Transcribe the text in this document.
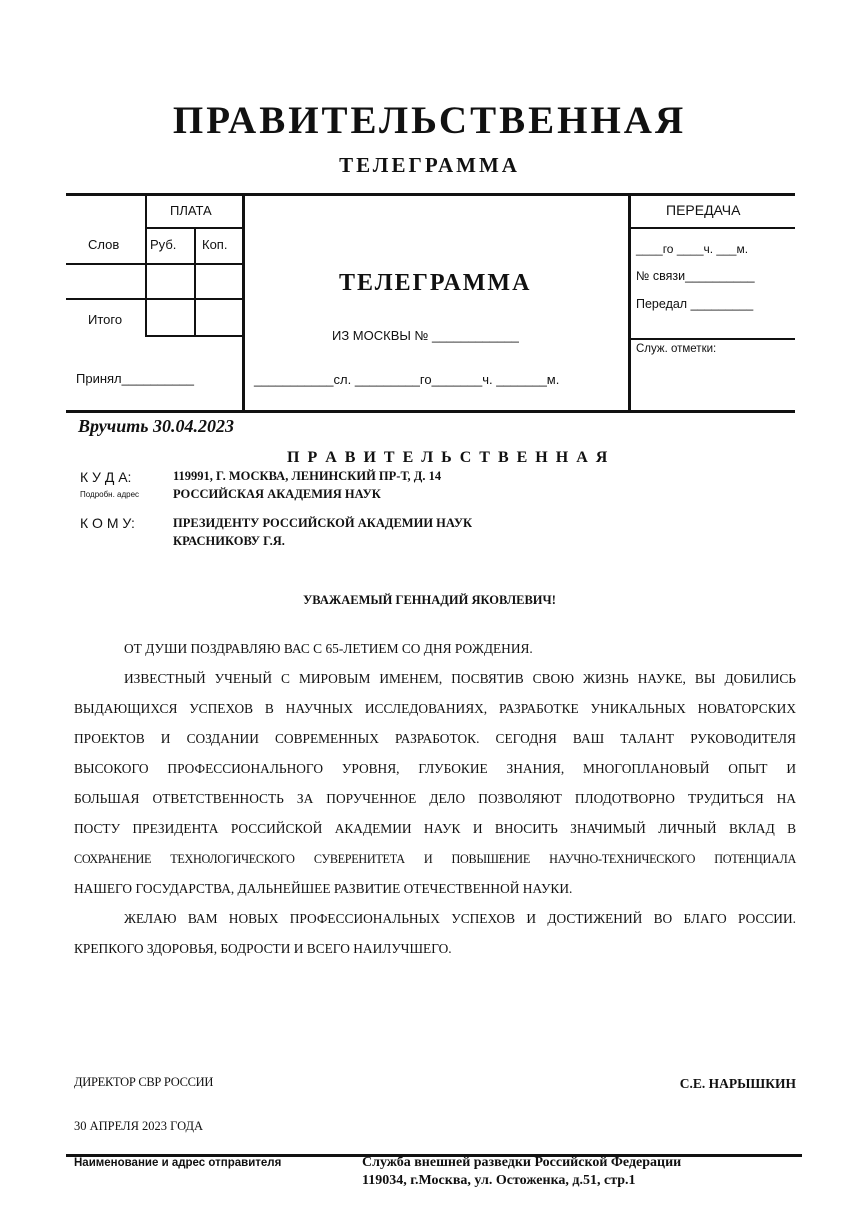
ПРАВИТЕЛЬСТВЕННАЯ
ТЕЛЕГРАММА
ПЛАТА
Слов Руб. Коп.
Итого
Принял__________
ТЕЛЕГРАММА
ИЗ МОСКВЫ № ____________
___________сл. _________го_______ч. _______м.
ПЕРЕДАЧА
____го ____ч. ___м.
№ связи__________
Передал _________
Служ. отметки:
Вручить 30.04.2023
П Р А В И Т Е Л Ь С Т В Е Н Н А Я
К У Д А:	119991, Г. МОСКВА, ЛЕНИНСКИЙ ПР-Т, Д. 14
Подробн. адрес	РОССИЙСКАЯ АКАДЕМИЯ НАУК
К О М У:	ПРЕЗИДЕНТУ РОССИЙСКОЙ АКАДЕМИИ НАУК
КРАСНИКОВУ Г.Я.
УВАЖАЕМЫЙ ГЕННАДИЙ ЯКОВЛЕВИЧ!
ОТ ДУШИ ПОЗДРАВЛЯЮ ВАС С 65-ЛЕТИЕМ СО ДНЯ РОЖДЕНИЯ.
ИЗВЕСТНЫЙ УЧЕНЫЙ С МИРОВЫМ ИМЕНЕМ, ПОСВЯТИВ СВОЮ ЖИЗНЬ НАУКЕ, ВЫ ДОБИЛИСЬ
ВЫДАЮЩИХСЯ УСПЕХОВ В НАУЧНЫХ ИССЛЕДОВАНИЯХ, РАЗРАБОТКЕ УНИКАЛЬНЫХ НОВАТОРСКИХ
ПРОЕКТОВ И СОЗДАНИИ СОВРЕМЕННЫХ РАЗРАБОТОК. СЕГОДНЯ ВАШ ТАЛАНТ РУКОВОДИТЕЛЯ
ВЫСОКОГО ПРОФЕССИОНАЛЬНОГО УРОВНЯ, ГЛУБОКИЕ ЗНАНИЯ, МНОГОПЛАНОВЫЙ ОПЫТ И
БОЛЬШАЯ ОТВЕТСТВЕННОСТЬ ЗА ПОРУЧЕННОЕ ДЕЛО ПОЗВОЛЯЮТ ПЛОДОТВОРНО ТРУДИТЬСЯ НА
ПОСТУ ПРЕЗИДЕНТА РОССИЙСКОЙ АКАДЕМИИ НАУК И ВНОСИТЬ ЗНАЧИМЫЙ ЛИЧНЫЙ ВКЛАД В
СОХРАНЕНИЕ ТЕХНОЛОГИЧЕСКОГО СУВЕРЕНИТЕТА И ПОВЫШЕНИЕ НАУЧНО-ТЕХНИЧЕСКОГО ПОТЕНЦИАЛА
НАШЕГО ГОСУДАРСТВА, ДАЛЬНЕЙШЕЕ РАЗВИТИЕ ОТЕЧЕСТВЕННОЙ НАУКИ.
ЖЕЛАЮ ВАМ НОВЫХ ПРОФЕССИОНАЛЬНЫХ УСПЕХОВ И ДОСТИЖЕНИЙ ВО БЛАГО РОССИИ.
КРЕПКОГО ЗДОРОВЬЯ, БОДРОСТИ И ВСЕГО НАИЛУЧШЕГО.
ДИРЕКТОР СВР РОССИИ	С.Е. НАРЫШКИН
30 АПРЕЛЯ 2023 ГОДА
Наименование и адрес отправителя	Служба внешней разведки Российской Федерации
119034, г.Москва, ул. Остоженка, д.51, стр.1
